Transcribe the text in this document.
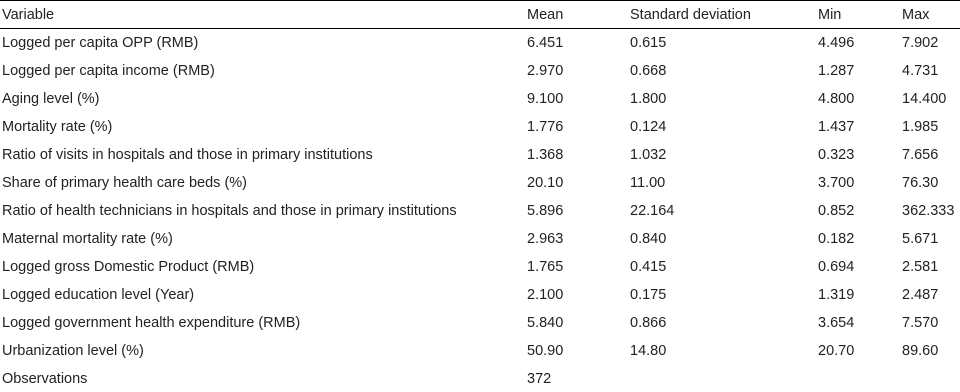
Variable	Mean	Standard deviation	Min	Max
Logged per capita OPP (RMB)	6.451	0.615	4.496	7.902
Logged per capita income (RMB)	2.970	0.668	1.287	4.731
Aging level (%)	9.100	1.800	4.800	14.400
Mortality rate (%)	1.776	0.124	1.437	1.985
Ratio of visits in hospitals and those in primary institutions	1.368	1.032	0.323	7.656
Share of primary health care beds (%)	20.10	11.00	3.700	76.30
Ratio of health technicians in hospitals and those in primary institutions	5.896	22.164	0.852	362.333
Maternal mortality rate (%)	2.963	0.840	0.182	5.671
Logged gross Domestic Product (RMB)	1.765	0.415	0.694	2.581
Logged education level (Year)	2.100	0.175	1.319	2.487
Logged government health expenditure (RMB)	5.840	0.866	3.654	7.570
Urbanization level (%)	50.90	14.80	20.70	89.60
Observations	372			
